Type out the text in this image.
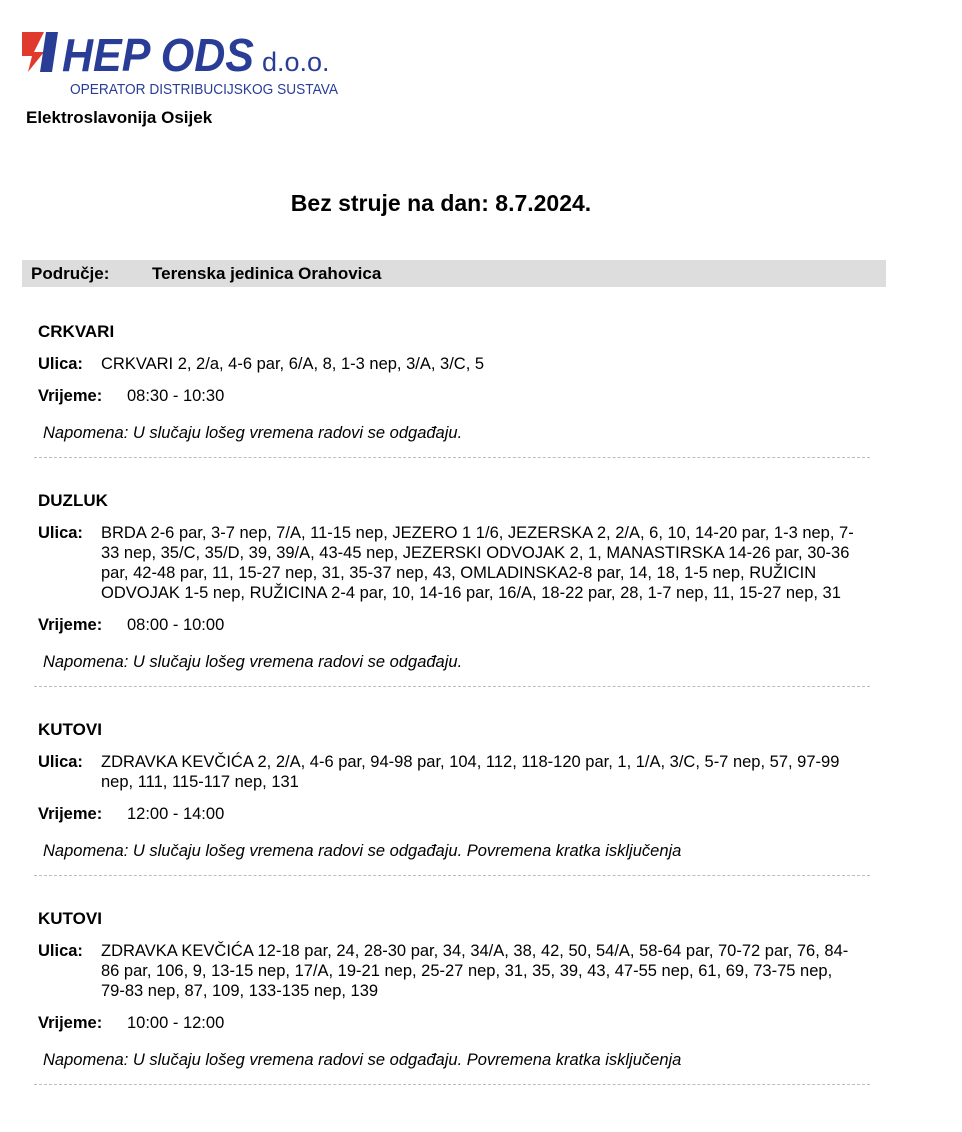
HEP ODS d.o.o.
OPERATOR DISTRIBUCIJSKOG SUSTAVA
Elektroslavonija Osijek
Bez struje na dan: 8.7.2024.
Područje:	Terenska jedinica Orahovica
CRKVARI
Ulica:	CRKVARI 2, 2/a, 4-6 par, 6/A, 8, 1-3 nep, 3/A, 3/C, 5
Vrijeme:	08:30 - 10:30
Napomena: U slučaju lošeg vremena radovi se odgađaju.
DUZLUK
Ulica:	BRDA 2-6 par, 3-7 nep, 7/A, 11-15 nep, JEZERO 1 1/6, JEZERSKA 2, 2/A, 6, 10, 14-20 par, 1-3 nep, 7-33 nep, 35/C, 35/D, 39, 39/A, 43-45 nep, JEZERSKI ODVOJAK 2, 1, MANASTIRSKA 14-26 par, 30-36 par, 42-48 par, 11, 15-27 nep, 31, 35-37 nep, 43, OMLADINSKA2-8 par, 14, 18, 1-5 nep, RUŽICIN ODVOJAK 1-5 nep, RUŽICINA 2-4 par, 10, 14-16 par, 16/A, 18-22 par, 28, 1-7 nep, 11, 15-27 nep, 31
Vrijeme:	08:00 - 10:00
Napomena: U slučaju lošeg vremena radovi se odgađaju.
KUTOVI
Ulica:	ZDRAVKA KEVČIĆA 2, 2/A, 4-6 par, 94-98 par, 104, 112, 118-120 par, 1, 1/A, 3/C, 5-7 nep, 57, 97-99 nep, 111, 115-117 nep, 131
Vrijeme:	12:00 - 14:00
Napomena: U slučaju lošeg vremena radovi se odgađaju. Povremena kratka isključenja
KUTOVI
Ulica:	ZDRAVKA KEVČIĆA 12-18 par, 24, 28-30 par, 34, 34/A, 38, 42, 50, 54/A, 58-64 par, 70-72 par, 76, 84-86 par, 106, 9, 13-15 nep, 17/A, 19-21 nep, 25-27 nep, 31, 35, 39, 43, 47-55 nep, 61, 69, 73-75 nep, 79-83 nep, 87, 109, 133-135 nep, 139
Vrijeme:	10:00 - 12:00
Napomena: U slučaju lošeg vremena radovi se odgađaju. Povremena kratka isključenja
